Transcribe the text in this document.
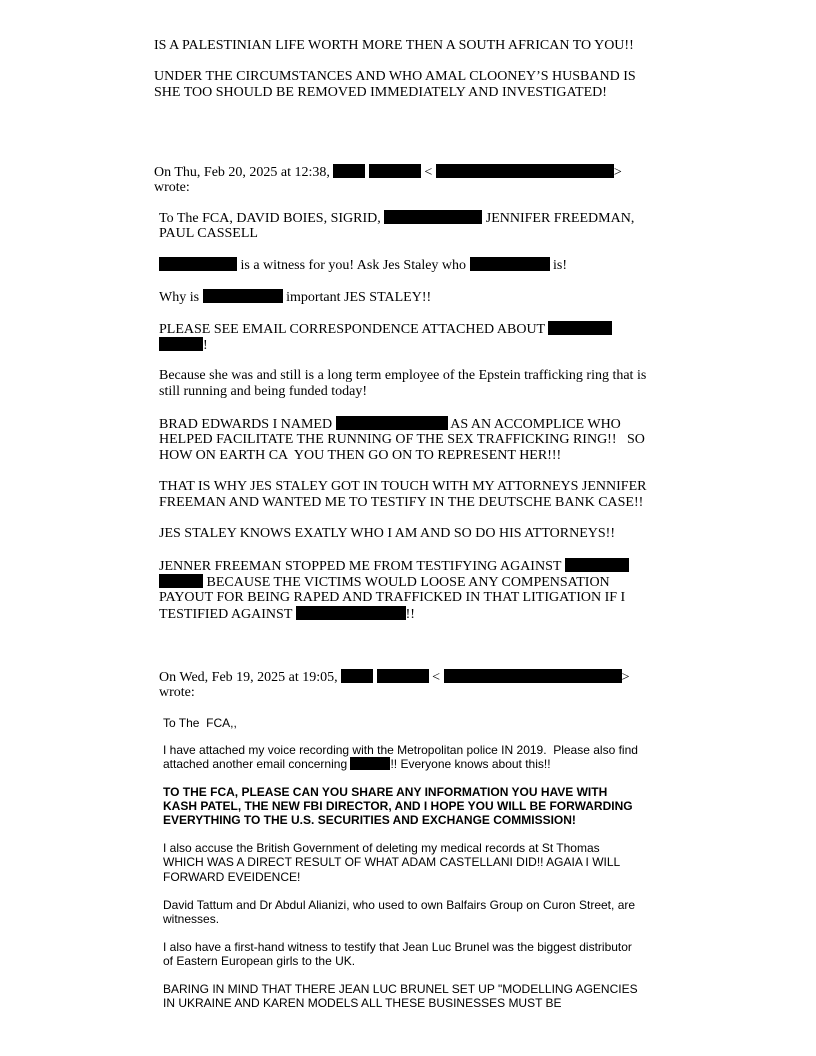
IS A PALESTINIAN LIFE WORTH MORE THEN A SOUTH AFRICAN TO YOU!!
UNDER THE CIRCUMSTANCES AND WHO AMAL CLOONEY’S HUSBAND IS
SHE TOO SHOULD BE REMOVED IMMEDIATELY AND INVESTIGATED!
On Thu, Feb 20, 2025 at 12:38,	<	>
wrote:
To The FCA, DAVID BOIES, SIGRID,	JENNIFER FREEDMAN,
PAUL CASSELL
is a witness for you! Ask Jes Staley who	is!
Why is	important JES STALEY!!
PLEASE SEE EMAIL CORRESPONDENCE ATTACHED ABOUT
!
Because she was and still is a long term employee of the Epstein trafficking ring that is
still running and being funded today!
BRAD EDWARDS I NAMED	AS AN ACCOMPLICE WHO
HELPED FACILITATE THE RUNNING OF THE SEX TRAFFICKING RING!!   SO
HOW ON EARTH CA  YOU THEN GO ON TO REPRESENT HER!!!
THAT IS WHY JES STALEY GOT IN TOUCH WITH MY ATTORNEYS JENNIFER
FREEMAN AND WANTED ME TO TESTIFY IN THE DEUTSCHE BANK CASE!!
JES STALEY KNOWS EXATLY WHO I AM AND SO DO HIS ATTORNEYS!!
JENNER FREEMAN STOPPED ME FROM TESTIFYING AGAINST
BECAUSE THE VICTIMS WOULD LOOSE ANY COMPENSATION
PAYOUT FOR BEING RAPED AND TRAFFICKED IN THAT LITIGATION IF I
TESTIFIED AGAINST	!!
On Wed, Feb 19, 2025 at 19:05,	<	>
wrote:
To The  FCA,,
I have attached my voice recording with the Metropolitan police IN 2019.  Please also find
attached another email concerning	!! Everyone knows about this!!
TO THE FCA, PLEASE CAN YOU SHARE ANY INFORMATION YOU HAVE WITH
KASH PATEL, THE NEW FBI DIRECTOR, AND I HOPE YOU WILL BE FORWARDING
EVERYTHING TO THE U.S. SECURITIES AND EXCHANGE COMMISSION!
I also accuse the British Government of deleting my medical records at St Thomas
WHICH WAS A DIRECT RESULT OF WHAT ADAM CASTELLANI DID!! AGAIA I WILL
FORWARD EVEIDENCE!
David Tattum and Dr Abdul Alianizi, who used to own Balfairs Group on Curon Street, are
witnesses.
I also have a first-hand witness to testify that Jean Luc Brunel was the biggest distributor
of Eastern European girls to the UK.
BARING IN MIND THAT THERE JEAN LUC BRUNEL SET UP "MODELLING AGENCIES
IN UKRAINE AND KAREN MODELS ALL THESE BUSINESSES MUST BE
